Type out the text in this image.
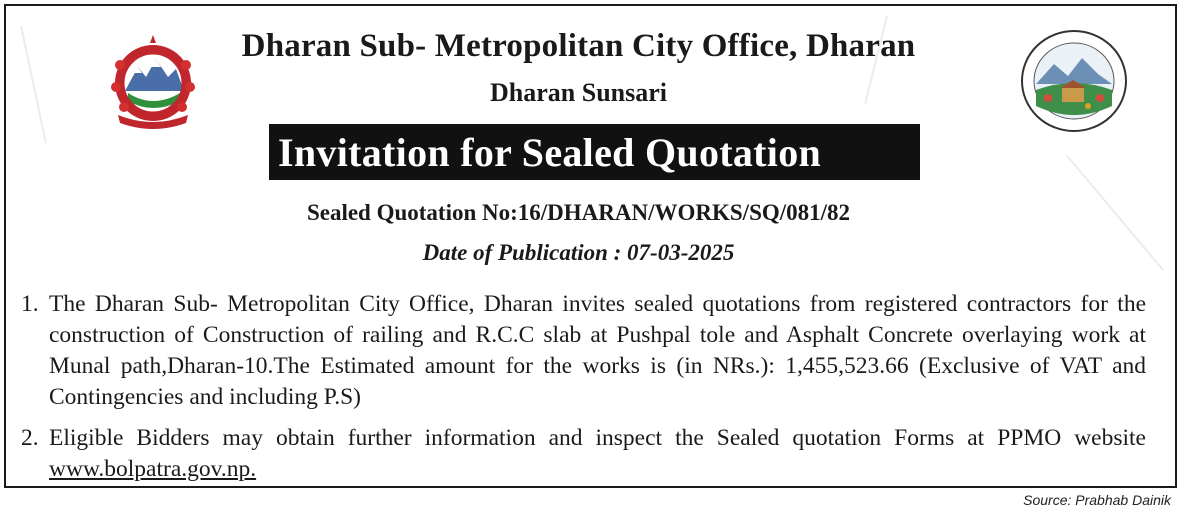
Dharan Sub- Metropolitan City Office, Dharan
Dharan Sunsari
Invitation for Sealed Quotation
Sealed Quotation No:16/DHARAN/WORKS/SQ/081/82
Date of Publication : 07-03-2025
1. The Dharan Sub- Metropolitan City Office, Dharan invites sealed quotations from registered contractors for the construction of Construction of railing and R.C.C slab at Pushpal tole and Asphalt Concrete overlaying work at Munal path,Dharan-10.The Estimated amount for the works is (in NRs.): 1,455,523.66 (Exclusive of VAT and Contingencies and including P.S)
2. Eligible Bidders may obtain further information and inspect the Sealed quotation Forms at PPMO website www.bolpatra.gov.np.
Source: Prabhab Dainik
